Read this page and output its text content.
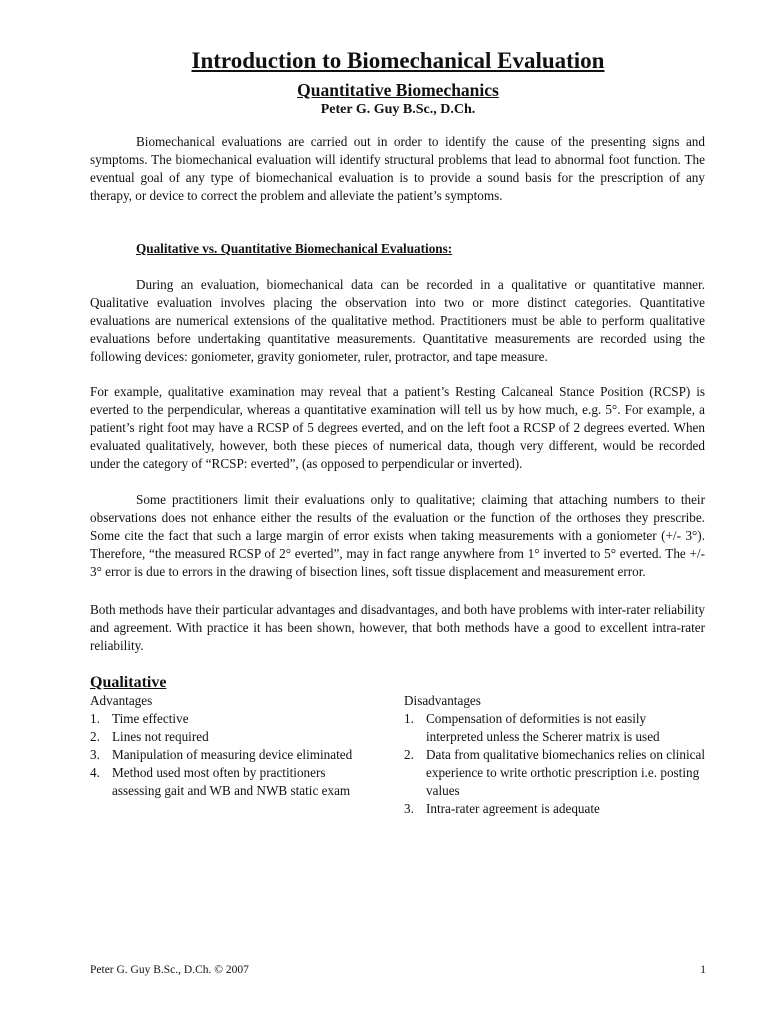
Introduction to Biomechanical Evaluation
Quantitative Biomechanics

Peter G. Guy B.Sc., D.Ch.

Biomechanical evaluations are carried out in order to identify the cause of the presenting signs and symptoms. The biomechanical evaluation will identify structural problems that lead to abnormal foot function. The eventual goal of any type of biomechanical evaluation is to provide a sound basis for the prescription of any therapy, or device to correct the problem and alleviate the patient’s symptoms.

Qualitative vs. Quantitative Biomechanical Evaluations:

During an evaluation, biomechanical data can be recorded in a qualitative or quantitative manner. Qualitative evaluation involves placing the observation into two or more distinct categories. Quantitative evaluations are numerical extensions of the qualitative method. Practitioners must be able to perform qualitative evaluations before undertaking quantitative measurements. Quantitative measurements are recorded using the following devices: goniometer, gravity goniometer, ruler, protractor, and tape measure.

For example, qualitative examination may reveal that a patient’s Resting Calcaneal Stance Position (RCSP) is everted to the perpendicular, whereas a quantitative examination will tell us by how much, e.g. 5°. For example, a patient’s right foot may have a RCSP of 5 degrees everted, and on the left foot a RCSP of 2 degrees everted. When evaluated qualitatively, however, both these pieces of numerical data, though very different, would be recorded under the category of “RCSP: everted”, (as opposed to perpendicular or inverted).

Some practitioners limit their evaluations only to qualitative; claiming that attaching numbers to their observations does not enhance either the results of the evaluation or the function of the orthoses they prescribe. Some cite the fact that such a large margin of error exists when taking measurements with a goniometer (+/- 3°). Therefore, “the measured RCSP of 2° everted”, may in fact range anywhere from 1° inverted to 5° everted. The +/- 3° error is due to errors in the drawing of bisection lines, soft tissue displacement and measurement error.

Both methods have their particular advantages and disadvantages, and both have problems with inter-rater reliability and agreement. With practice it has been shown, however, that both methods have a good to excellent intra-rater reliability.

Qualitative

Advantages

1. Time effective
2. Lines not required
3. Manipulation of measuring device eliminated
4. Method used most often by practitioners assessing gait and WB and NWB static exam

Disadvantages

1. Compensation of deformities is not easily interpreted unless the Scherer matrix is used
2. Data from qualitative biomechanics relies on clinical experience to write orthotic prescription i.e. posting values
3. Intra-rater agreement is adequate
Peter G. Guy B.Sc., D.Ch. © 2007	1
